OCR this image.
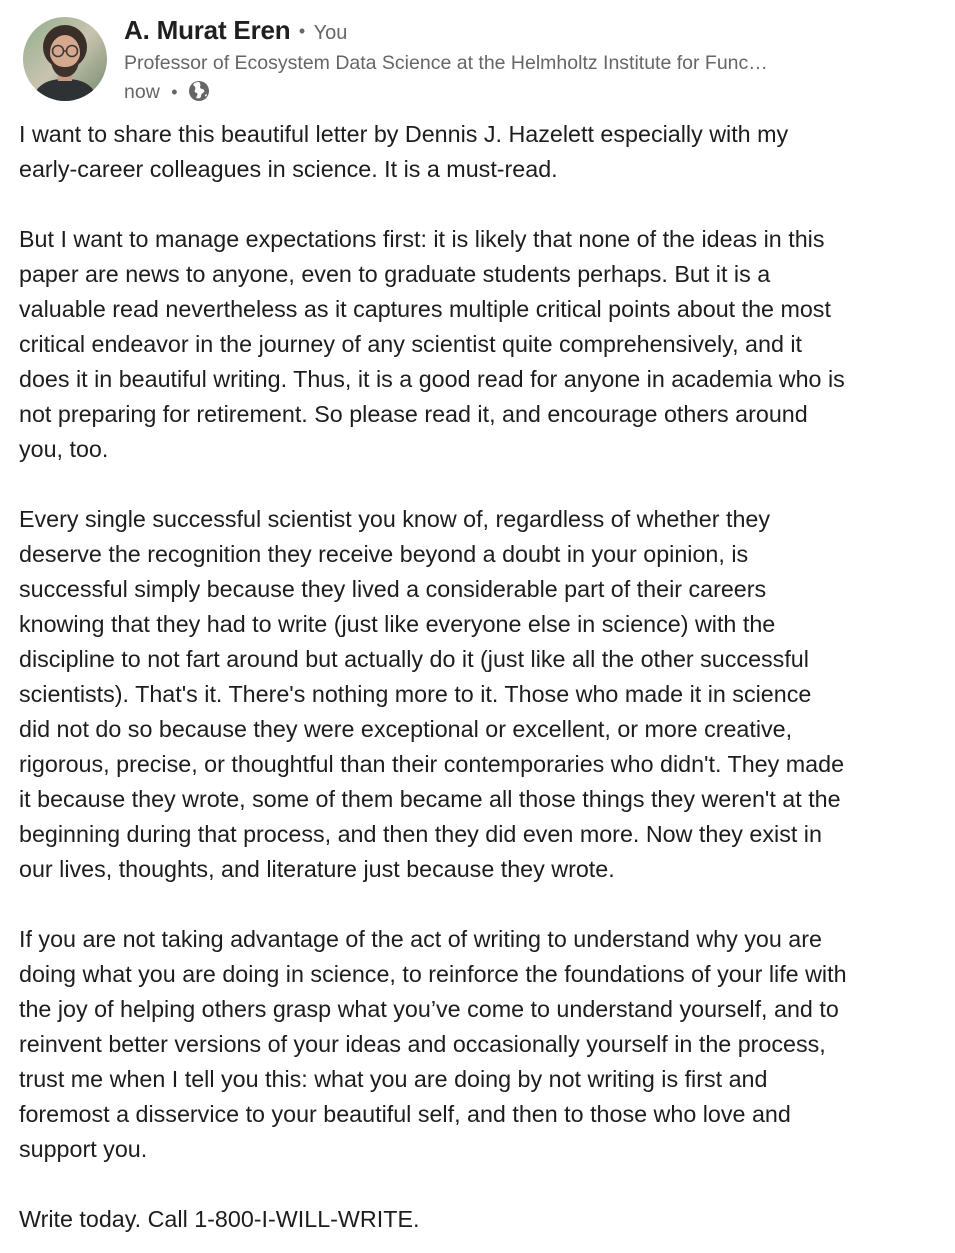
A. Murat Eren • You
Professor of Ecosystem Data Science at the Helmholtz Institute for Func…
now •

I want to share this beautiful letter by Dennis J. Hazelett especially with my
early-career colleagues in science. It is a must-read.

But I want to manage expectations first: it is likely that none of the ideas in this
paper are news to anyone, even to graduate students perhaps. But it is a
valuable read nevertheless as it captures multiple critical points about the most
critical endeavor in the journey of any scientist quite comprehensively, and it
does it in beautiful writing. Thus, it is a good read for anyone in academia who is
not preparing for retirement. So please read it, and encourage others around
you, too.

Every single successful scientist you know of, regardless of whether they
deserve the recognition they receive beyond a doubt in your opinion, is
successful simply because they lived a considerable part of their careers
knowing that they had to write (just like everyone else in science) with the
discipline to not fart around but actually do it (just like all the other successful
scientists). That's it. There's nothing more to it. Those who made it in science
did not do so because they were exceptional or excellent, or more creative,
rigorous, precise, or thoughtful than their contemporaries who didn't. They made
it because they wrote, some of them became all those things they weren't at the
beginning during that process, and then they did even more. Now they exist in
our lives, thoughts, and literature just because they wrote.

If you are not taking advantage of the act of writing to understand why you are
doing what you are doing in science, to reinforce the foundations of your life with
the joy of helping others grasp what you’ve come to understand yourself, and to
reinvent better versions of your ideas and occasionally yourself in the process,
trust me when I tell you this: what you are doing by not writing is first and
foremost a disservice to your beautiful self, and then to those who love and
support you.

Write today. Call 1-800-I-WILL-WRITE.
